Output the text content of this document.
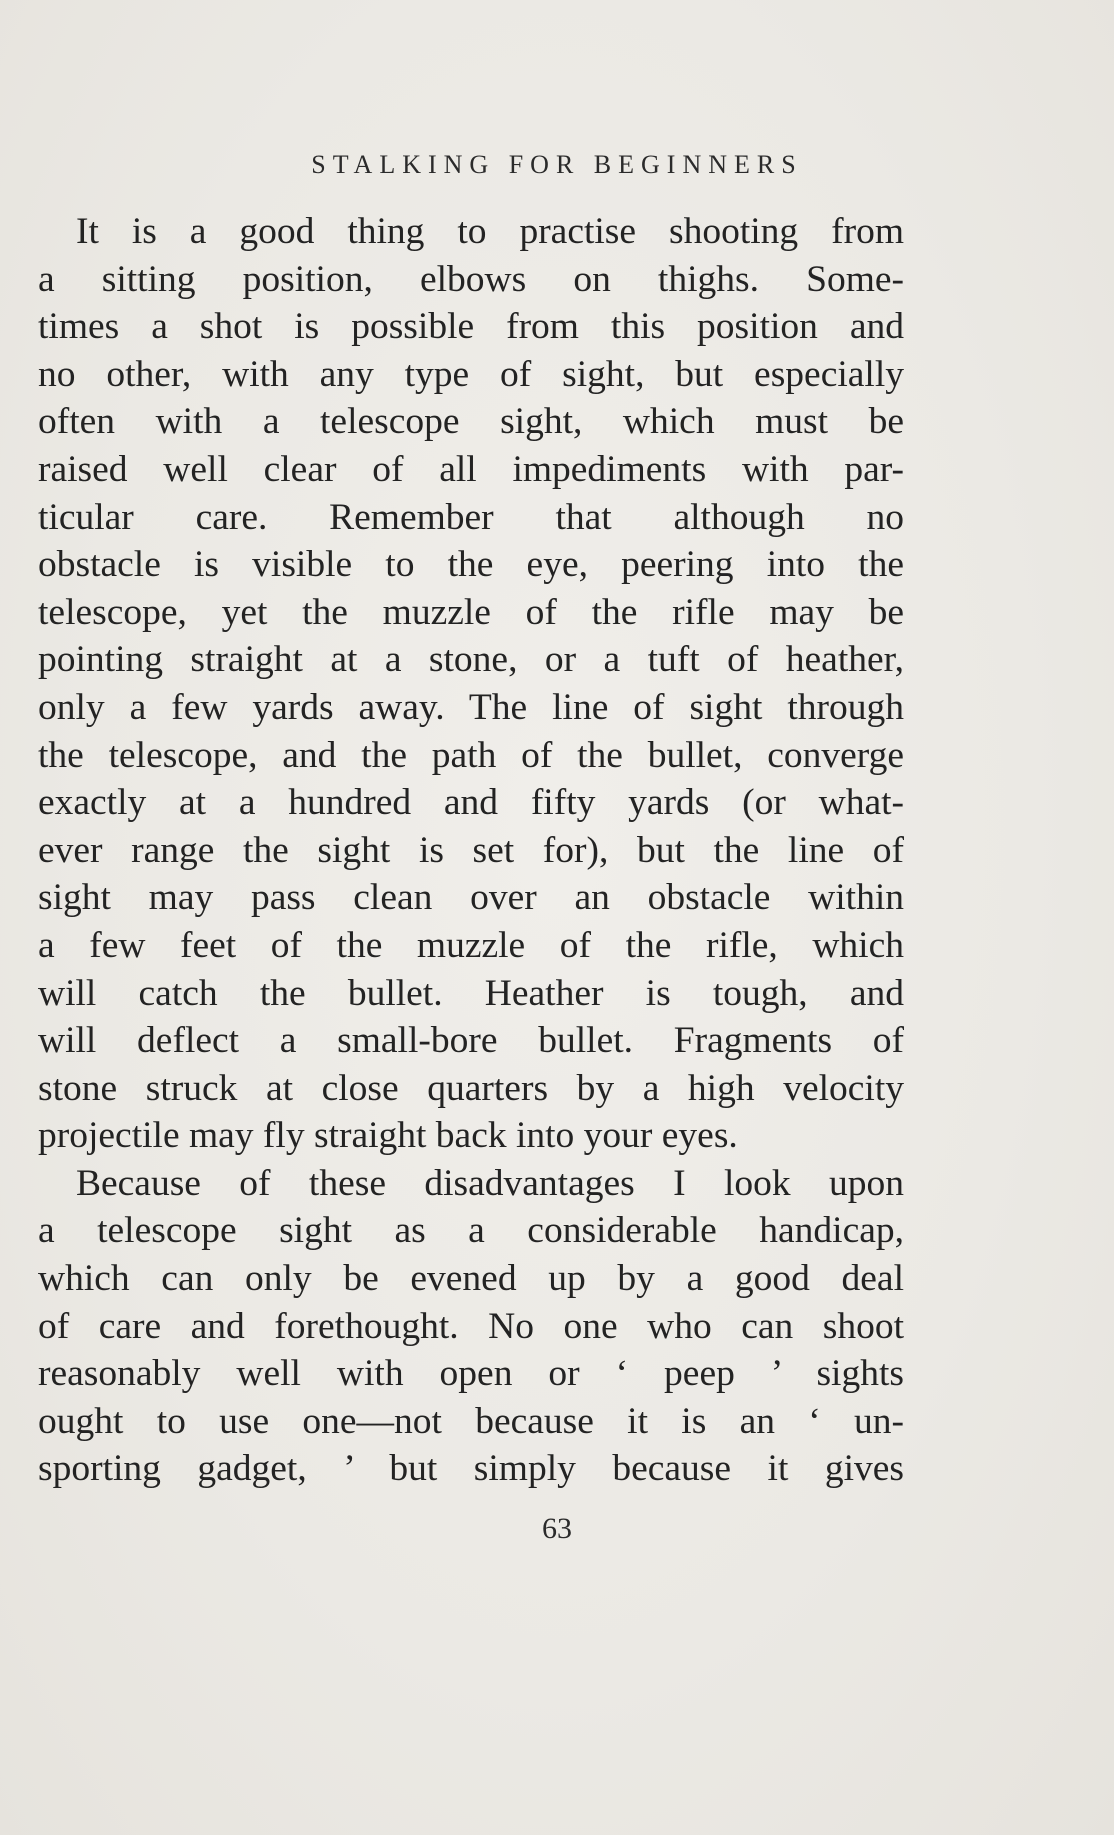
STALKING FOR BEGINNERS
It is a good thing to practise shooting from
a sitting position, elbows on thighs. Some-
times a shot is possible from this position and
no other, with any type of sight, but especially
often with a telescope sight, which must be
raised well clear of all impediments with par-
ticular care. Remember that although no
obstacle is visible to the eye, peering into the
telescope, yet the muzzle of the rifle may be
pointing straight at a stone, or a tuft of heather,
only a few yards away. The line of sight through
the telescope, and the path of the bullet, converge
exactly at a hundred and fifty yards (or what-
ever range the sight is set for), but the line of
sight may pass clean over an obstacle within
a few feet of the muzzle of the rifle, which
will catch the bullet. Heather is tough, and
will deflect a small-bore bullet. Fragments of
stone struck at close quarters by a high velocity
projectile may fly straight back into your eyes.
Because of these disadvantages I look upon
a telescope sight as a considerable handicap,
which can only be evened up by a good deal
of care and forethought. No one who can shoot
reasonably well with open or ‘ peep ’ sights
ought to use one—not because it is an ‘ un-
sporting gadget, ’ but simply because it gives
63
